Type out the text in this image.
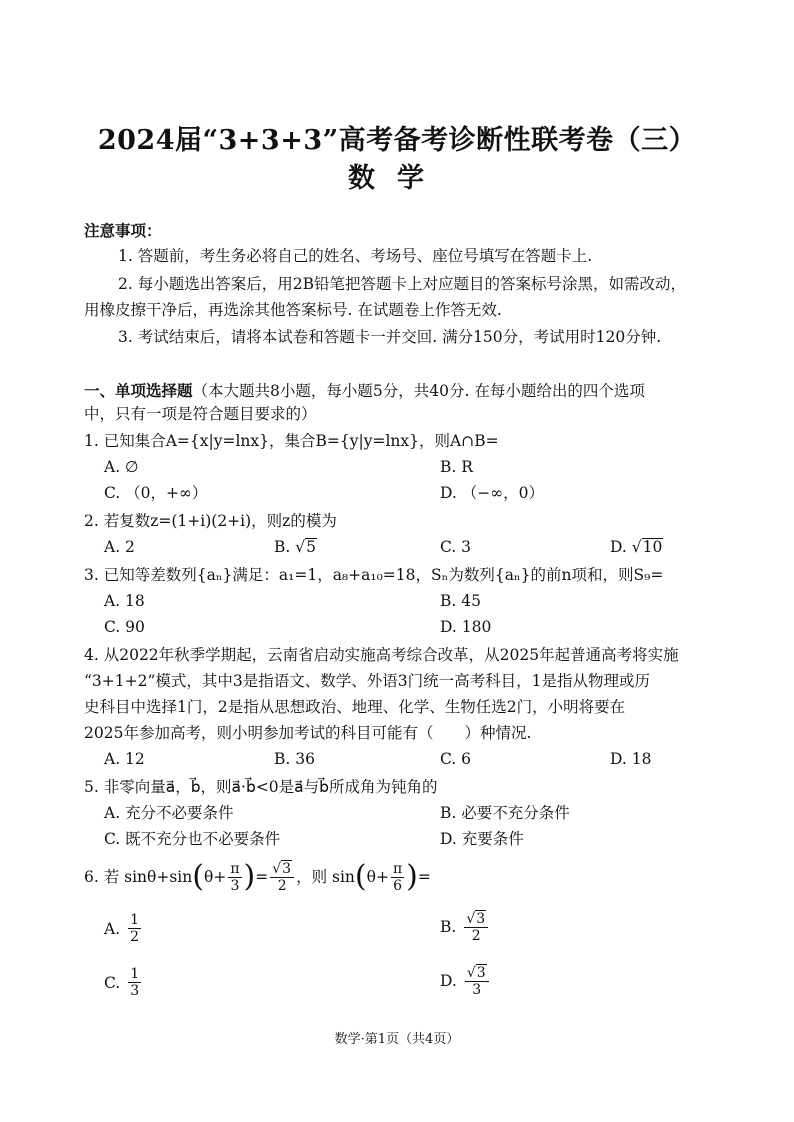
2024届“3+3+3”高考备考诊断性联考卷（三）
数学
注意事项：
1. 答题前，考生务必将自己的姓名、考场号、座位号填写在答题卡上.
2. 每小题选出答案后，用2B铅笔把答题卡上对应题目的答案标号涂黑，如需改动，
用橡皮擦干净后，再选涂其他答案标号. 在试题卷上作答无效.
3. 考试结束后，请将本试卷和答题卡一并交回. 满分150分，考试用时120分钟.
一、单项选择题（本大题共8小题，每小题5分，共40分. 在每小题给出的四个选项
中，只有一项是符合题目要求的）
1. 已知集合A={x|y=lnx}，集合B={y|y=lnx}，则A∩B=
A. ∅	B. R
C. （0，+∞）	D. （−∞，0）
2. 若复数z=(1+i)(2+i)，则z的模为
A. 2	B. √5	C. 3	D. √10
3. 已知等差数列{aₙ}满足：a₁=1，a₈+a₁₀=18，Sₙ为数列{aₙ}的前n项和，则S₉=
A. 18	B. 45
C. 90	D. 180
4. 从2022年秋季学期起，云南省启动实施高考综合改革，从2025年起普通高考将实施
“3+1+2”模式，其中3是指语文、数学、外语3门统一高考科目，1是指从物理或历
史科目中选择1门，2是指从思想政治、地理、化学、生物任选2门，小明将要在
2025年参加高考，则小明参加考试的科目可能有（　　）种情况.
A. 12	B. 36	C. 6	D. 18
5. 非零向量a⃗，b⃗，则a⃗·b⃗<0是a⃗与b⃗所成角为钝角的
A. 充分不必要条件	B. 必要不充分条件
C. 既不充分也不必要条件	D. 充要条件
6. 若 sinθ+sin ( $\theta+ \frac{\pi}{3}$ ) = $\frac{√3}{2}$ ，则 sin ( $\theta+ \frac{\pi}{6}$ ) =
A. $\frac{1}{2}$	B. $\frac{√3}{2}$
C. $\frac{1}{3}$	D. $\frac{√3}{3}$
数学·第1页（共4页）
